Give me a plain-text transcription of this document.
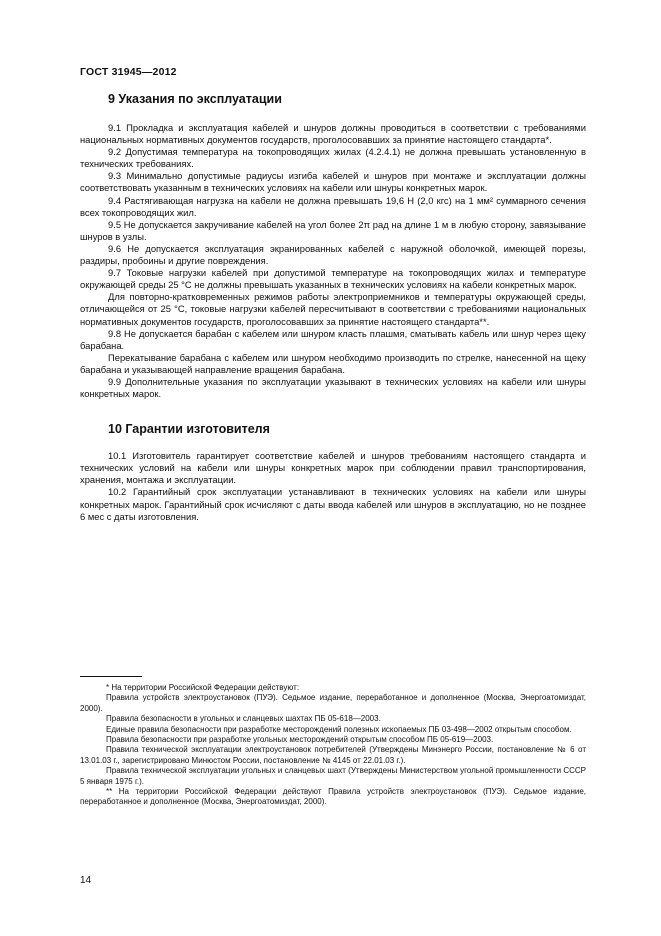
ГОСТ 31945—2012
9 Указания по эксплуатации

9.1 Прокладка и эксплуатация кабелей и шнуров должны проводиться в соответствии с требованиями национальных нормативных документов государств, проголосовавших за принятие настоящего стандарта*.

9.2 Допустимая температура на токопроводящих жилах (4.2.4.1) не должна превышать установленную в технических требованиях.

9.3 Минимально допустимые радиусы изгиба кабелей и шнуров при монтаже и эксплуатации должны соответствовать указанным в технических условиях на кабели или шнуры конкретных марок.

9.4 Растягивающая нагрузка на кабели не должна превышать 19,6 Н (2,0 кгс) на 1 мм² суммарного сечения всех токопроводящих жил.

9.5 Не допускается закручивание кабелей на угол более 2π рад на длине 1 м в любую сторону, завязывание шнуров в узлы.

9.6 Не допускается эксплуатация экранированных кабелей с наружной оболочкой, имеющей порезы, раздиры, пробоины и другие повреждения.

9.7 Токовые нагрузки кабелей при допустимой температуре на токопроводящих жилах и температуре окружающей среды 25 °С не должны превышать указанных в технических условиях на кабели конкретных марок.

Для повторно-кратковременных режимов работы электроприемников и температуры окружающей среды, отличающейся от 25 °С, токовые нагрузки кабелей пересчитывают в соответствии с требованиями национальных нормативных документов государств, проголосовавших за принятие настоящего стандарта**.

9.8 Не допускается барабан с кабелем или шнуром класть плашмя, сматывать кабель или шнур через щеку барабана.

Перекатывание барабана с кабелем или шнуром необходимо производить по стрелке, нанесенной на щеку барабана и указывающей направление вращения барабана.

9.9 Дополнительные указания по эксплуатации указывают в технических условиях на кабели или шнуры конкретных марок.

10 Гарантии изготовителя

10.1 Изготовитель гарантирует соответствие кабелей и шнуров требованиям настоящего стандарта и технических условий на кабели или шнуры конкретных марок при соблюдении правил транспортирования, хранения, монтажа и эксплуатации.

10.2 Гарантийный срок эксплуатации устанавливают в технических условиях на кабели или шнуры конкретных марок. Гарантийный срок исчисляют с даты ввода кабелей или шнуров в эксплуатацию, но не позднее 6 мес с даты изготовления.

* На территории Российской Федерации действуют:

Правила устройств электроустановок (ПУЭ). Седьмое издание, переработанное и дополненное (Москва, Энергоатомиздат, 2000).

Правила безопасности в угольных и сланцевых шахтах ПБ 05-618—2003.

Единые правила безопасности при разработке месторождений полезных ископаемых ПБ 03-498—2002 открытым способом.

Правила безопасности при разработке угольных месторождений открытым способом ПБ 05-619—2003.

Правила технической эксплуатации электроустановок потребителей (Утверждены Минэнерго России, постановление № 6 от 13.01.03 г., зарегистрировано Минюстом России, постановление № 4145 от 22.01.03 г.).

Правила технической эксплуатации угольных и сланцевых шахт (Утверждены Министерством угольной промышленности СССР 5 января 1975 г.).

** На территории Российской Федерации действуют Правила устройств электроустановок (ПУЭ). Седьмое издание, переработанное и дополненное (Москва, Энергоатомиздат, 2000).

14
